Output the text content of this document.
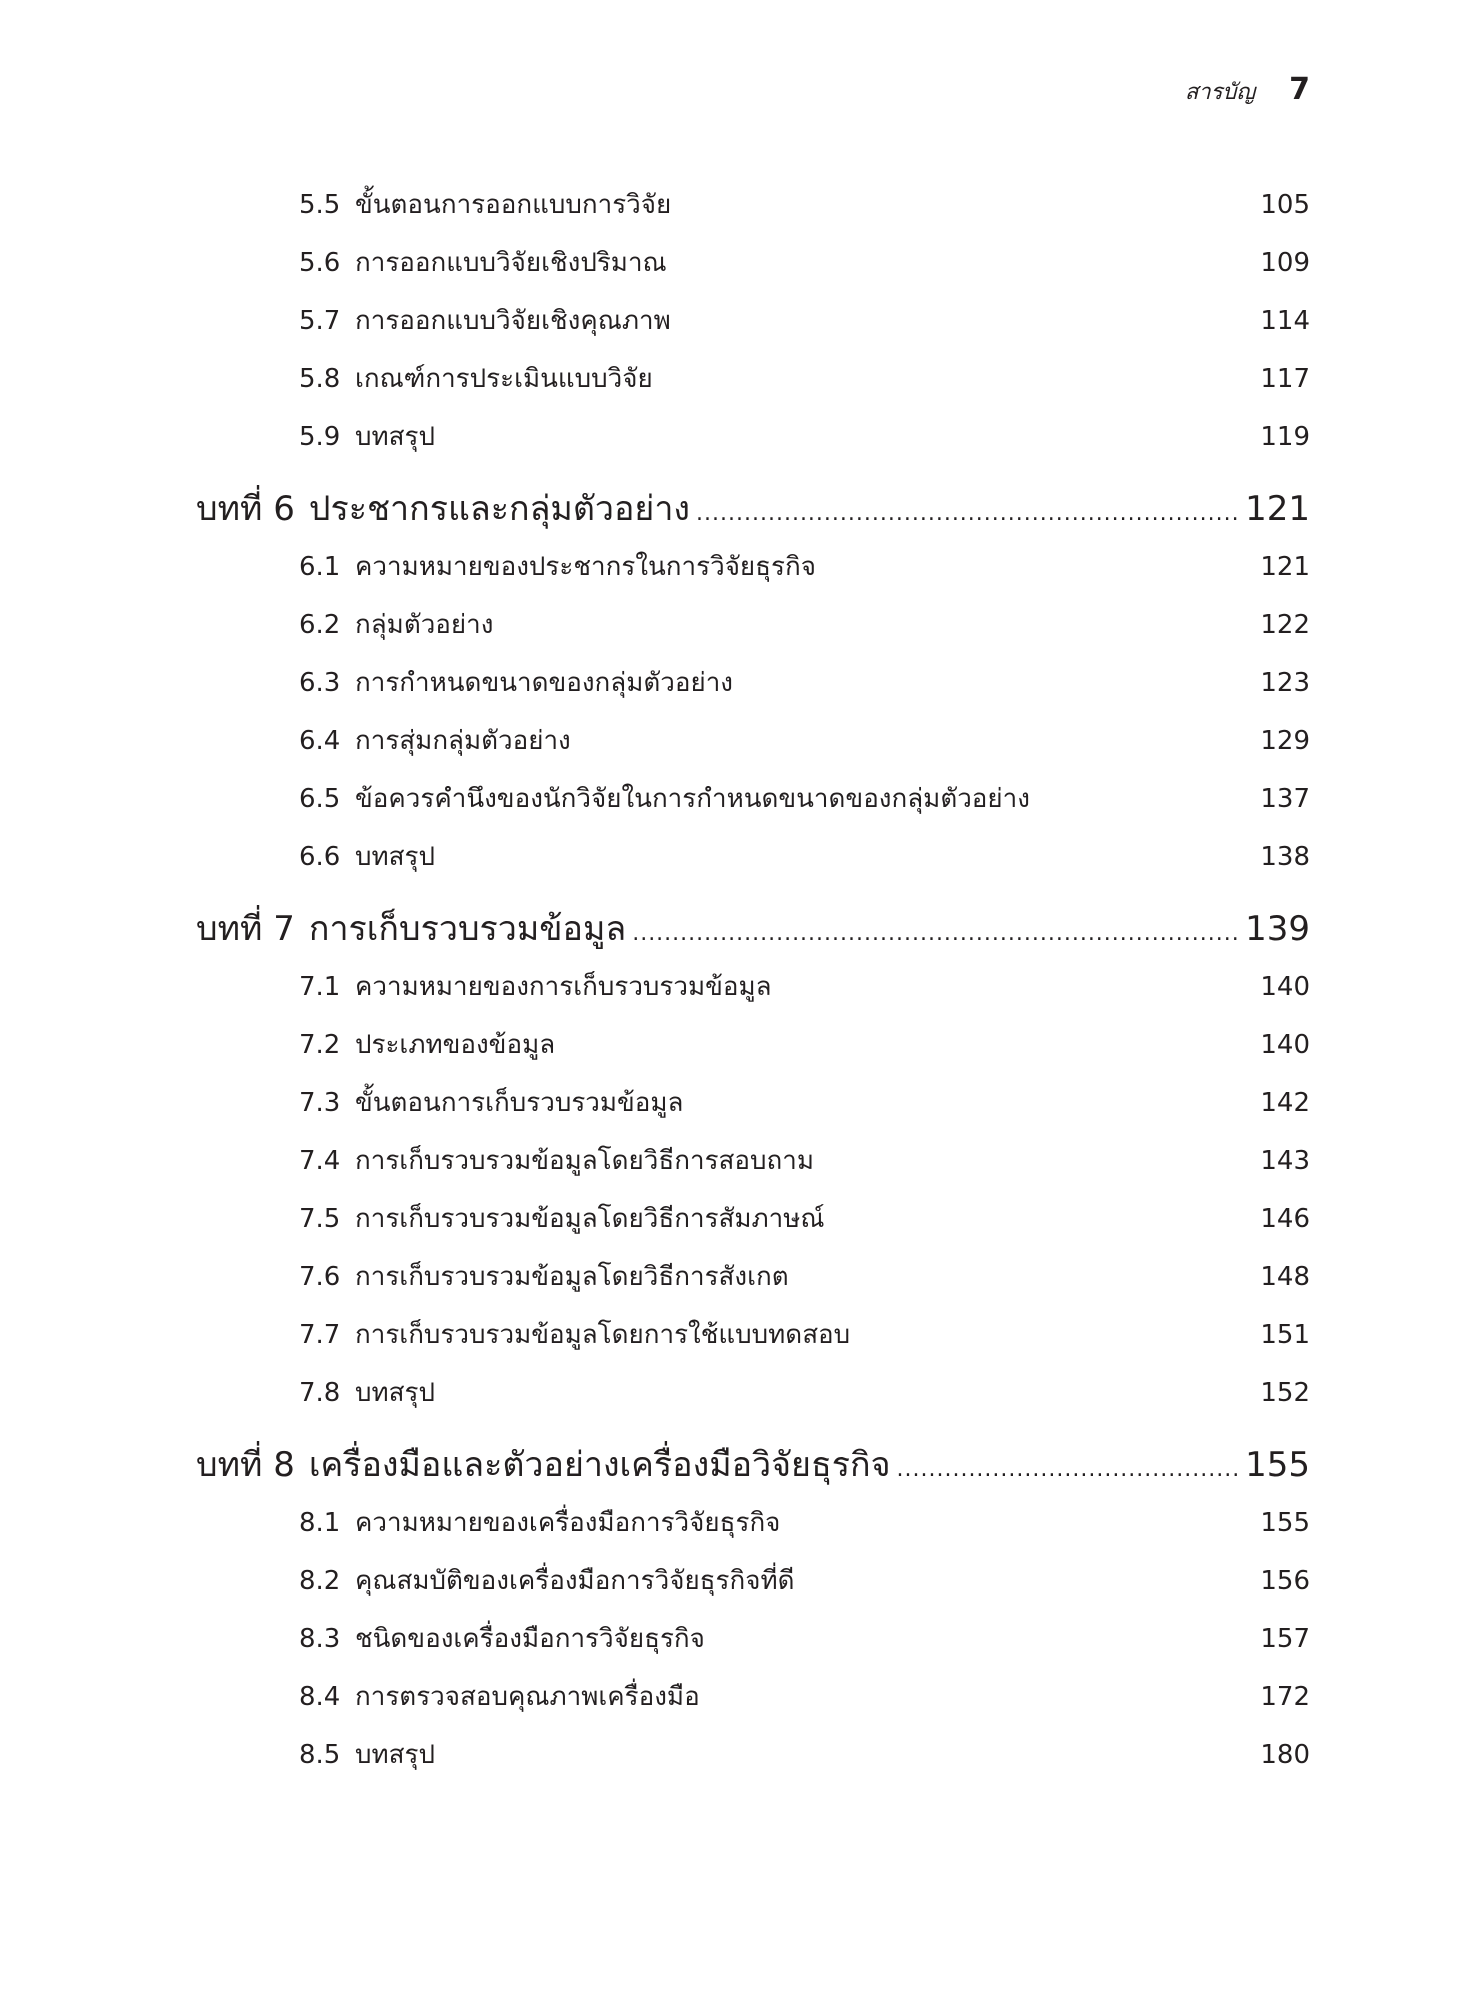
สารบัญ 7
5.5 ขั้นตอนการออกแบบการวิจัย	105
5.6 การออกแบบวิจัยเชิงปริมาณ	109
5.7 การออกแบบวิจัยเชิงคุณภาพ	114
5.8 เกณฑ์การประเมินแบบวิจัย	117
5.9 บทสรุป	119
บทที่ 6 ประชากรและกลุ่มตัวอย่าง .....	121
6.1 ความหมายของประชากรในการวิจัยธุรกิจ	121
6.2 กลุ่มตัวอย่าง	122
6.3 การกำหนดขนาดของกลุ่มตัวอย่าง	123
6.4 การสุ่มกลุ่มตัวอย่าง	129
6.5 ข้อควรคำนึงของนักวิจัยในการกำหนดขนาดของกลุ่มตัวอย่าง	137
6.6 บทสรุป	138
บทที่ 7 การเก็บรวบรวมข้อมูล .....	139
7.1 ความหมายของการเก็บรวบรวมข้อมูล	140
7.2 ประเภทของข้อมูล	140
7.3 ขั้นตอนการเก็บรวบรวมข้อมูล	142
7.4 การเก็บรวบรวมข้อมูลโดยวิธีการสอบถาม	143
7.5 การเก็บรวบรวมข้อมูลโดยวิธีการสัมภาษณ์	146
7.6 การเก็บรวบรวมข้อมูลโดยวิธีการสังเกต	148
7.7 การเก็บรวบรวมข้อมูลโดยการใช้แบบทดสอบ	151
7.8 บทสรุป	152
บทที่ 8 เครื่องมือและตัวอย่างเครื่องมือวิจัยธุรกิจ .....	155
8.1 ความหมายของเครื่องมือการวิจัยธุรกิจ	155
8.2 คุณสมบัติของเครื่องมือการวิจัยธุรกิจที่ดี	156
8.3 ชนิดของเครื่องมือการวิจัยธุรกิจ	157
8.4 การตรวจสอบคุณภาพเครื่องมือ	172
8.5 บทสรุป	180
